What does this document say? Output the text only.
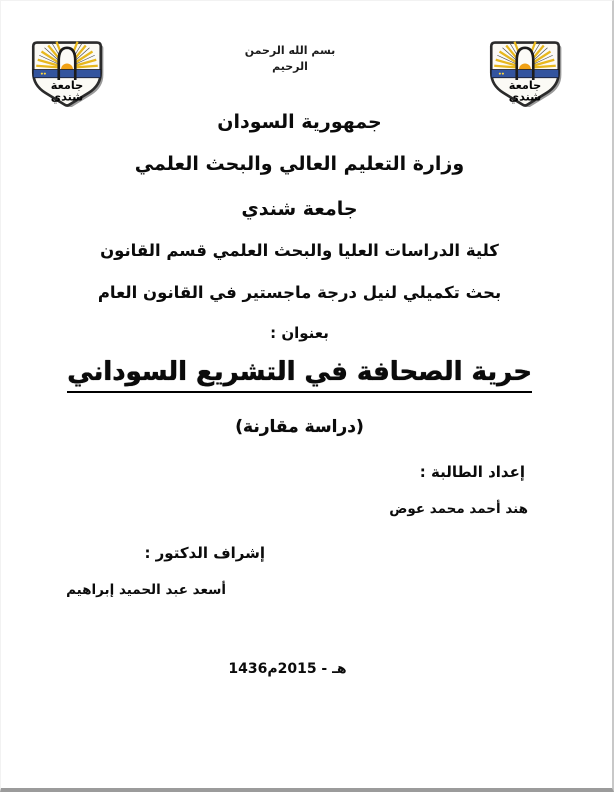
جامعة
شندي
جامعة
شندي
بسم الله الرحمن الرحيم
جمهورية السودان
وزارة التعليم العالي والبحث العلمي
جامعة شندي
كلية الدراسات العليا والبحث العلمي قسم القانون
بحث تكميلي لنيل درجة ماجستير في القانون العام
بعنوان :
حرية الصحافة في التشريع السوداني
(دراسة مقارنة)
إعداد الطالبة :
هند أحمد محمد عوض
إشراف الدكتور :
أسعد عبد الحميد إبراهيم
1436هـ - 2015م
